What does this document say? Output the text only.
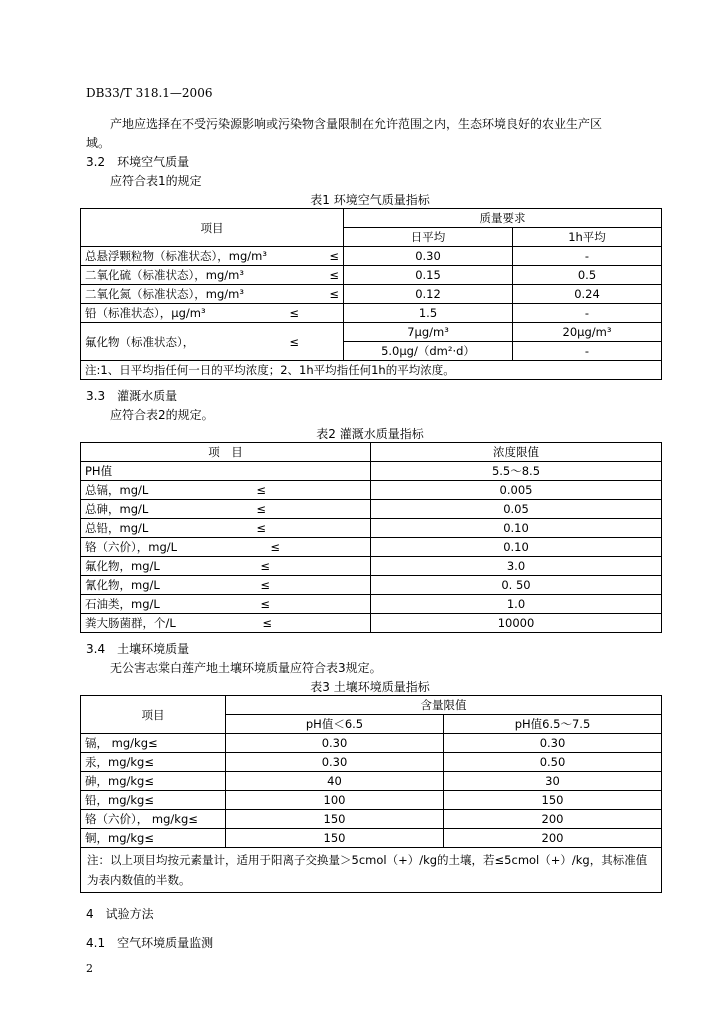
DB33/T 318.1—2006
产地应选择在不受污染源影响或污染物含量限制在允许范围之内，生态环境良好的农业生产区
域。
3.2　环境空气质量
应符合表1的规定
表1 环境空气质量指标
项目	质量要求	
	日平均	1h平均

总悬浮颗粒物（标准状态），mg/m³ ≤	0.30	-

二氧化硫（标准状态），mg/m³ ≤	0.15	0.5

二氧化氮（标准状态），mg/m³ ≤	0.12	0.24

铅（标准状态），μg/m³ ≤	1.5	-

氟化物（标准状态）， ≤	7μg/m³	20μg/m³
	5.0μg/（dm²·d）	-
注:1、日平均指任何一日的平均浓度；2、1h平均指任何1h的平均浓度。		
3.3　灌溉水质量
应符合表2的规定。
表2 灌溉水质量指标
项　目	浓度限值

PH值	5.5～8.5

总镉，mg/L ≤	0.005

总砷，mg/L ≤	0.05

总铅，mg/L ≤	0.10

铬（六价），mg/L ≤	0.10

氟化物，mg/L ≤	3.0

氰化物，mg/L ≤	0. 50

石油类，mg/L ≤	1.0

粪大肠菌群，个/L ≤	10000
3.4　土壤环境质量
无公害志棠白莲产地土壤环境质量应符合表3规定。
表3 土壤环境质量指标
项目	含量限值	
	pH值＜6.5	pH值6.5～7.5
镉， mg/kg≤	0.30	0.30
汞，mg/kg≤	0.30	0.50
砷，mg/kg≤	40	30
铅，mg/kg≤	100	150
铬（六价）， mg/kg≤	150	200
铜，mg/kg≤	150	200
注：以上项目均按元素量计，适用于阳离子交换量＞5cmol（+）/kg的土壤，若≤5cmol（+）/kg，其标准值为表内数值的半数。		
4　试验方法
4.1　空气环境质量监测
2
